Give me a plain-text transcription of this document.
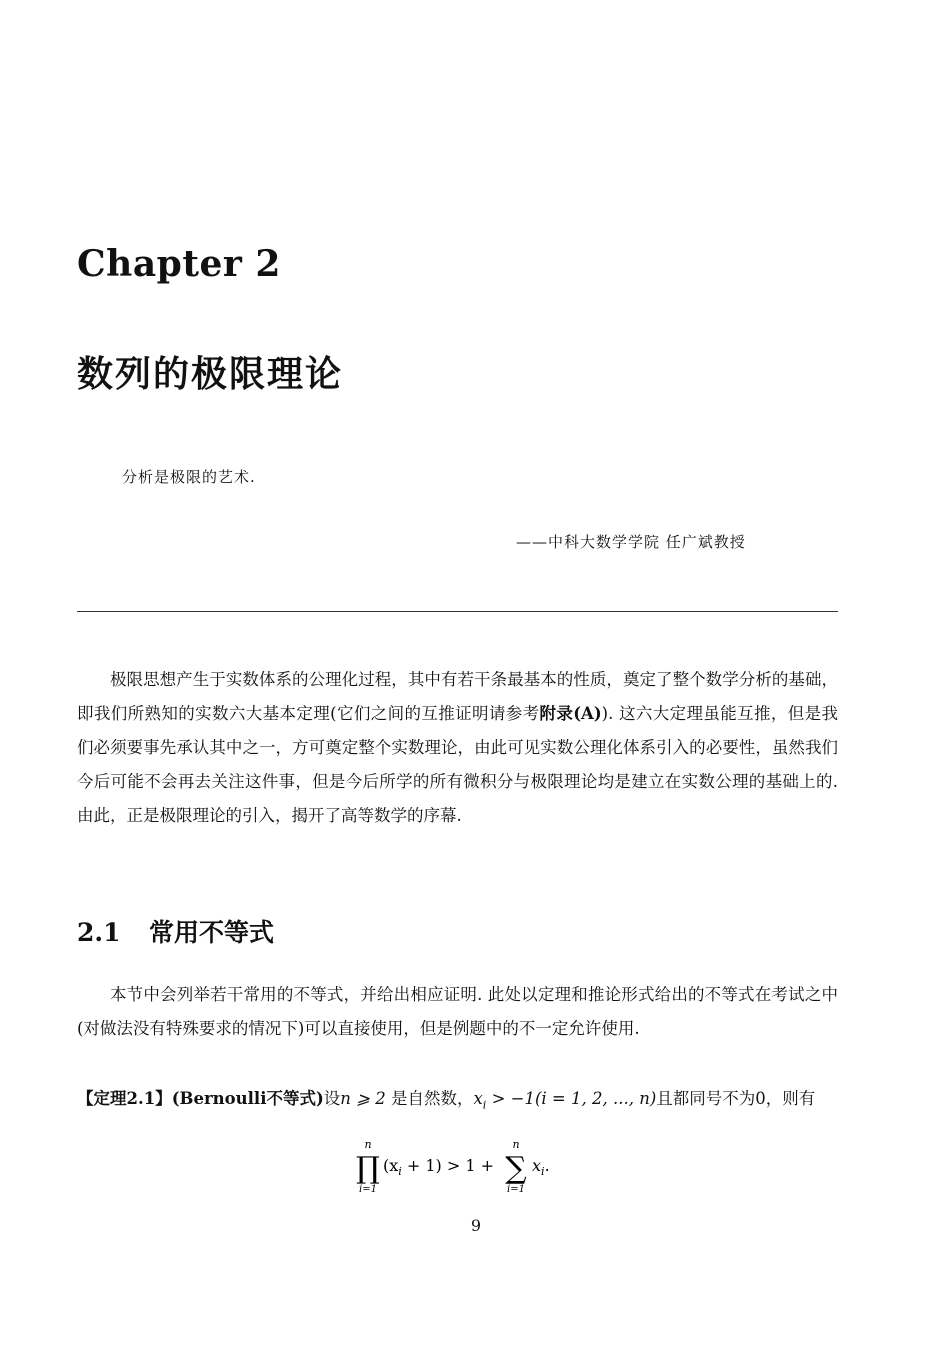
Chapter 2
数列的极限理论
分析是极限的艺术.
——中科大数学学院 任广斌教授

极限思想产生于实数体系的公理化过程，其中有若干条最基本的性质，奠定了整个数学分析的基础，即我们所熟知的实数六大基本定理(它们之间的互推证明请参考附录(A)). 这六大定理虽能互推，但是我们必须要事先承认其中之一，方可奠定整个实数理论，由此可见实数公理化体系引入的必要性，虽然我们今后可能不会再去关注这件事，但是今后所学的所有微积分与极限理论均是建立在实数公理的基础上的. 由此，正是极限理论的引入，揭开了高等数学的序幕.

2.1 常用不等式

本节中会列举若干常用的不等式，并给出相应证明. 此处以定理和推论形式给出的不等式在考试之中(对做法没有特殊要求的情况下)可以直接使用，但是例题中的不一定允许使用.

【定理2.1】(Bernoulli不等式)设n ⩾ 2 是自然数，$x_i > -1(i = 1$, 2, ..., n)且都同号不为0，则有
n
∏
i=1
$(x_i + 1) > 1$ +
n
∑
i=1
$x_i$.
9
